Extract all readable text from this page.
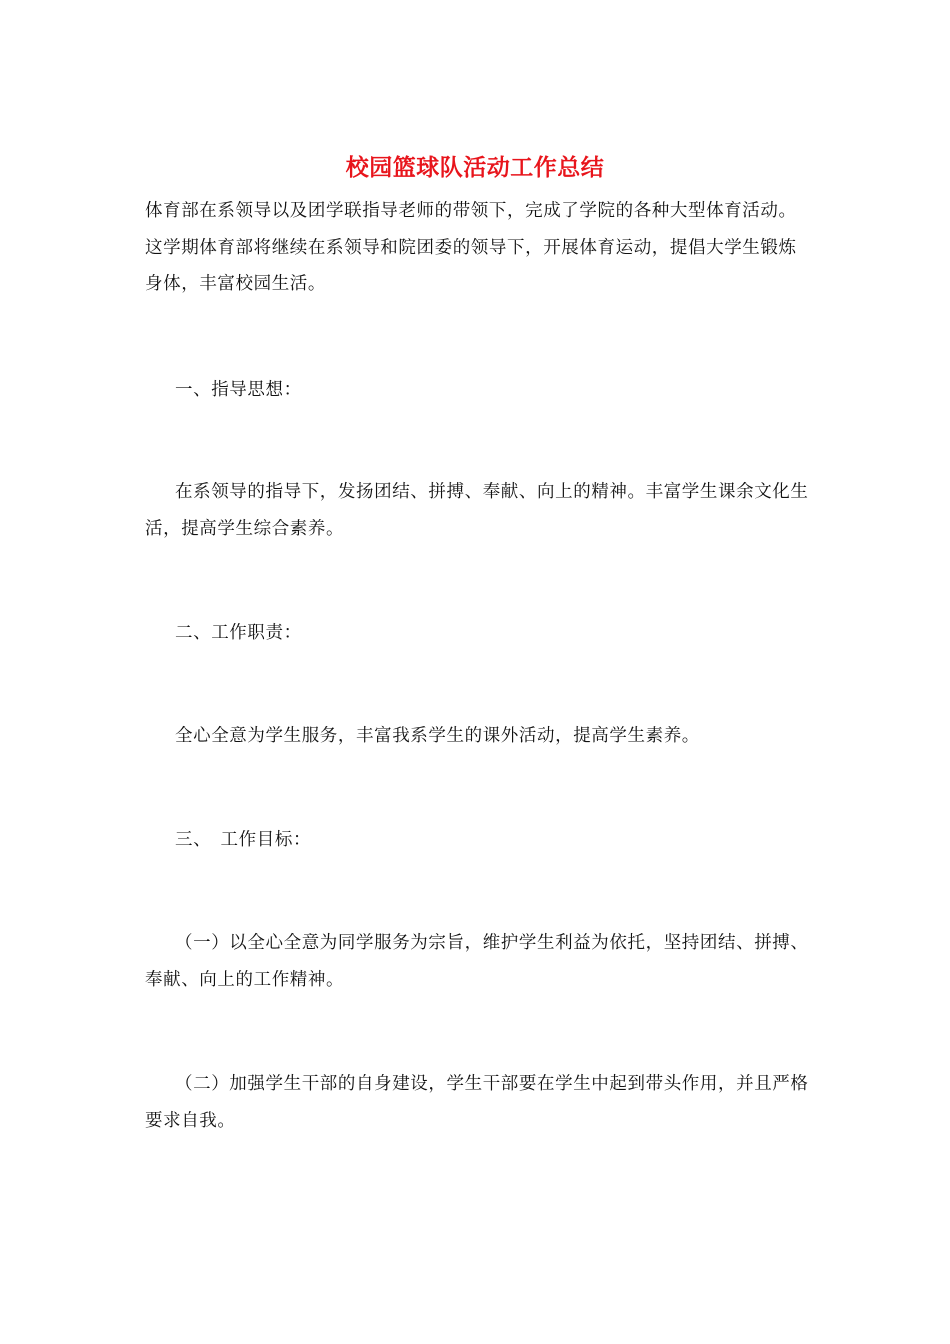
校园篮球队活动工作总结

体育部在系领导以及团学联指导老师的带领下，完成了学院的各种大型体育活动。这学期体育部将继续在系领导和院团委的领导下，开展体育运动，提倡大学生锻炼身体，丰富校园生活。

一、指导思想：

在系领导的指导下，发扬团结、拼搏、奉献、向上的精神。丰富学生课余文化生活，提高学生综合素养。

二、工作职责：

全心全意为学生服务，丰富我系学生的课外活动，提高学生素养。

三、　工作目标：

（一）以全心全意为同学服务为宗旨，维护学生利益为依托，坚持团结、拼搏、奉献、向上的工作精神。

（二）加强学生干部的自身建设，学生干部要在学生中起到带头作用，并且严格要求自我。
